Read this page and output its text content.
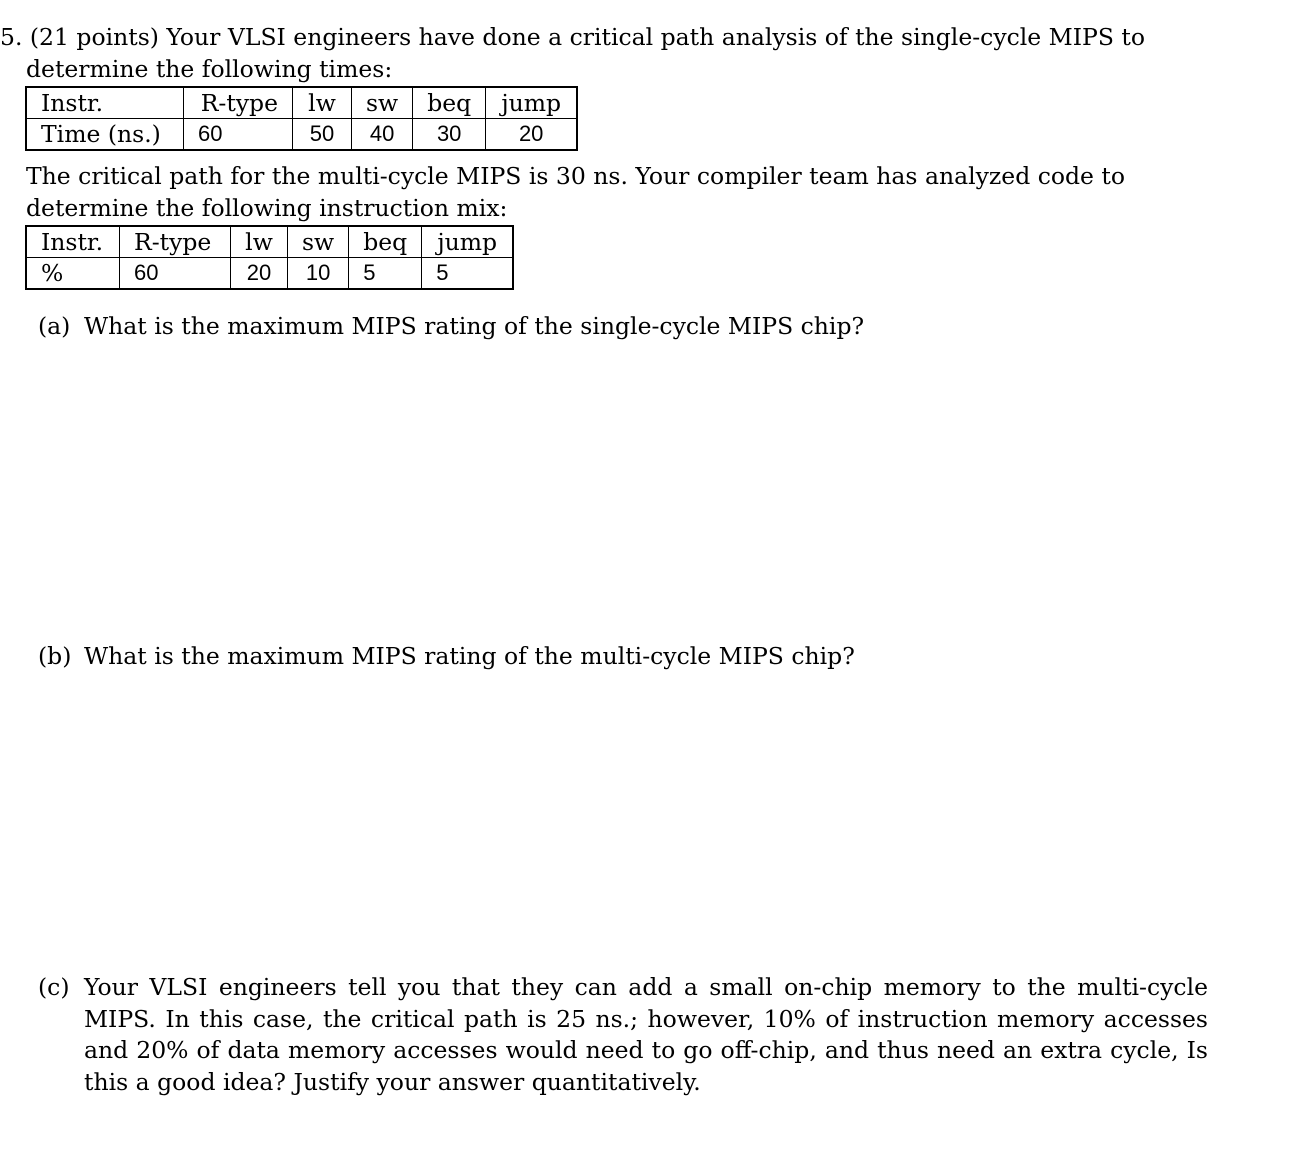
5. (21 points) Your VLSI engineers have done a critical path analysis of the single-cycle MIPS to determine the following times:

Instr.	R-type	lw	sw	beq	jump
Time (ns.)	60	50	40	30	20

The critical path for the multi-cycle MIPS is 30 ns. Your compiler team has analyzed code to determine the following instruction mix:

Instr.	R-type	lw	sw	beq	jump
%	60	20	10	5	5

(a) What is the maximum MIPS rating of the single-cycle MIPS chip?

(b) What is the maximum MIPS rating of the multi-cycle MIPS chip?

(c) Your VLSI engineers tell you that they can add a small on-chip memory to the multi-cycle MIPS. In this case, the critical path is 25 ns.; however, 10% of instruction memory accesses and 20% of data memory accesses would need to go off-chip, and thus need an extra cycle, Is this a good idea? Justify your answer quantitatively.
